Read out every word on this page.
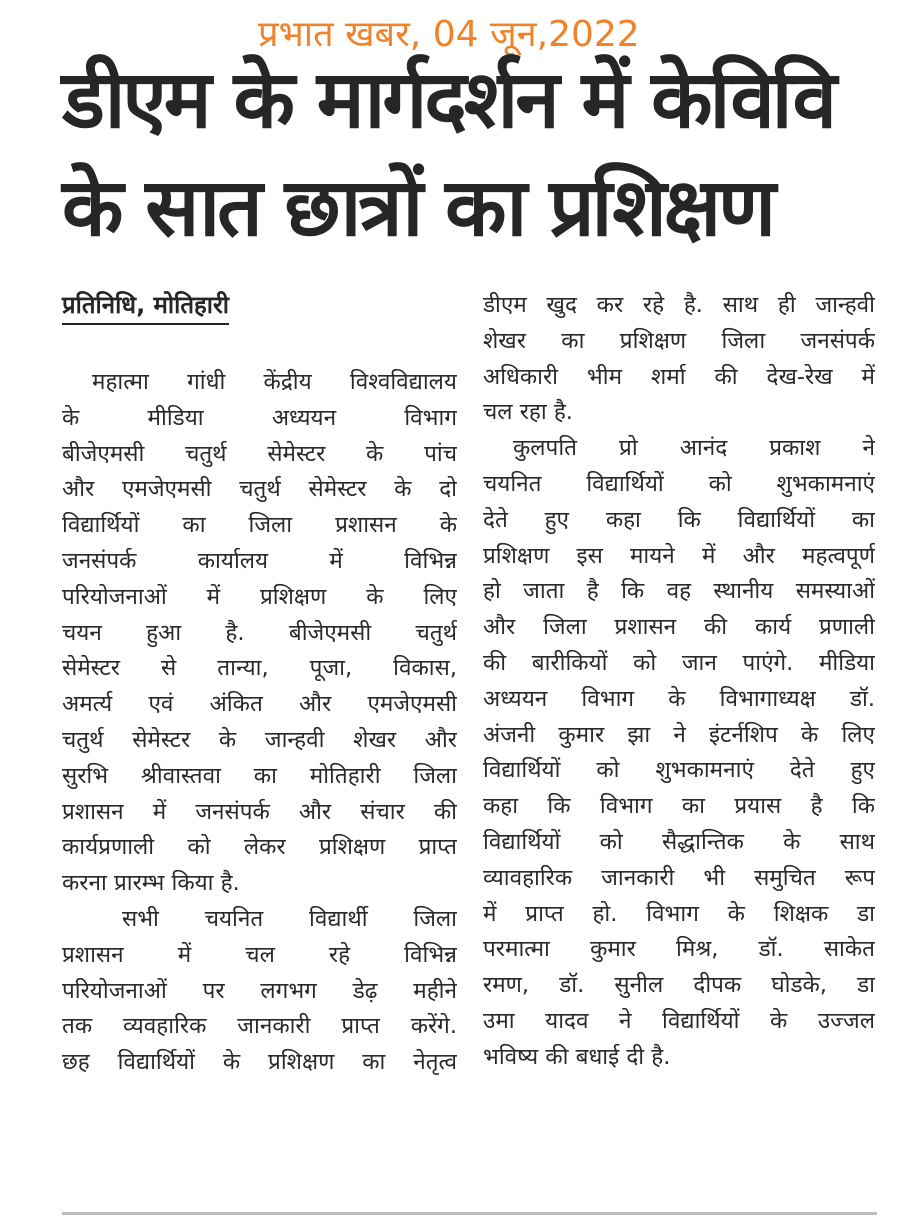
प्रभात खबर, 04 जून,2022
डीएम के मार्गदर्शन में केविवि
के सात छात्रों का प्रशिक्षण
प्रतिनिधि, मोतिहारी
महात्मा गांधी केंद्रीय विश्वविद्यालय
के मीडिया अध्ययन विभाग
बीजेएमसी चतुर्थ सेमेस्टर के पांच
और एमजेएमसी चतुर्थ सेमेस्टर के दो
विद्यार्थियों का जिला प्रशासन के
जनसंपर्क कार्यालय में विभिन्न
परियोजनाओं में प्रशिक्षण के लिए
चयन हुआ है. बीजेएमसी चतुर्थ
सेमेस्टर से तान्या, पूजा, विकास,
अमर्त्य एवं अंकित और एमजेएमसी
चतुर्थ सेमेस्टर के जान्हवी शेखर और
सुरभि श्रीवास्तवा का मोतिहारी जिला
प्रशासन में जनसंपर्क और संचार की
कार्यप्रणाली को लेकर प्रशिक्षण प्राप्त
करना प्रारम्भ किया है.
सभी चयनित विद्यार्थी जिला
प्रशासन में चल रहे विभिन्न
परियोजनाओं पर लगभग डेढ़ महीने
तक व्यवहारिक जानकारी प्राप्त करेंगे.
छह विद्यार्थियों के प्रशिक्षण का नेतृत्व
डीएम खुद कर रहे है. साथ ही जान्हवी
शेखर का प्रशिक्षण जिला जनसंपर्क
अधिकारी भीम शर्मा की देख-रेख में
चल रहा है.
कुलपति प्रो आनंद प्रकाश ने
चयनित विद्यार्थियों को शुभकामनाएं
देते हुए कहा कि विद्यार्थियों का
प्रशिक्षण इस मायने में और महत्वपूर्ण
हो जाता है कि वह स्थानीय समस्याओं
और जिला प्रशासन की कार्य प्रणाली
की बारीकियों को जान पाएंगे. मीडिया
अध्ययन विभाग के विभागाध्यक्ष डॉ.
अंजनी कुमार झा ने इंटर्नशिप के लिए
विद्यार्थियों को शुभकामनाएं देते हुए
कहा कि विभाग का प्रयास है कि
विद्यार्थियों को सैद्धान्तिक के साथ
व्यावहारिक जानकारी भी समुचित रूप
में प्राप्त हो. विभाग के शिक्षक डा
परमात्मा कुमार मिश्र, डॉ. साकेत
रमण, डॉ. सुनील दीपक घोडके, डा
उमा यादव ने विद्यार्थियों के उज्जल
भविष्य की बधाई दी है.
